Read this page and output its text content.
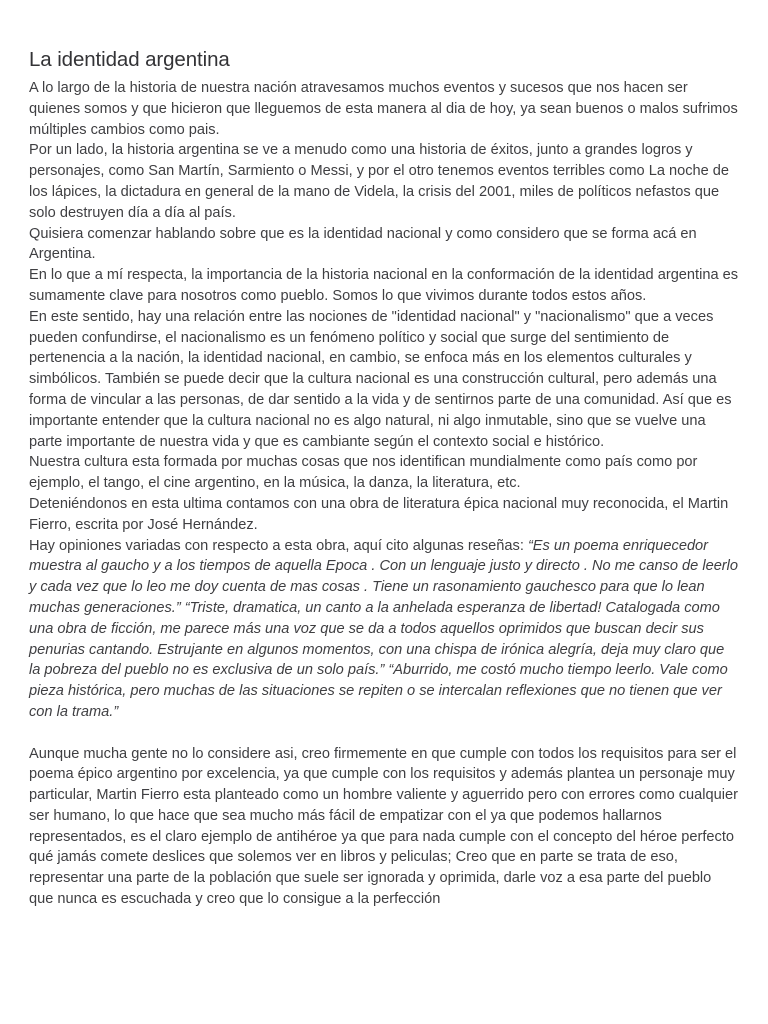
La identidad argentina

A lo largo de la historia de nuestra nación atravesamos muchos eventos y sucesos que nos hacen ser quienes somos y que hicieron que lleguemos de esta manera al dia de hoy, ya sean buenos o malos sufrimos múltiples cambios como pais.

Por un lado, la historia argentina se ve a menudo como una historia de éxitos, junto a grandes logros y personajes, como San Martín, Sarmiento o Messi, y por el otro tenemos eventos terribles como La noche de los lápices, la dictadura en general de la mano de Videla, la crisis del 2001, miles de políticos nefastos que solo destruyen día a día al país.

Quisiera comenzar hablando sobre que es la identidad nacional y como considero que se forma acá en Argentina.

En lo que a mí respecta, la importancia de la historia nacional en la conformación de la identidad argentina es sumamente clave para nosotros como pueblo. Somos lo que vivimos durante todos estos años.

En este sentido, hay una relación entre las nociones de "identidad nacional" y "nacionalismo" que a veces pueden confundirse, el nacionalismo es un fenómeno político y social que surge del sentimiento de pertenencia a la nación, la identidad nacional, en cambio, se enfoca más en los elementos culturales y simbólicos. También se puede decir que la cultura nacional es una construcción cultural, pero además una forma de vincular a las personas, de dar sentido a la vida y de sentirnos parte de una comunidad. Así que es importante entender que la cultura nacional no es algo natural, ni algo inmutable, sino que se vuelve una parte importante de nuestra vida y que es cambiante según el contexto social e histórico.

Nuestra cultura esta formada por muchas cosas que nos identifican mundialmente como país como por ejemplo, el tango, el cine argentino, en la música, la danza, la literatura, etc.

Deteniéndonos en esta ultima contamos con una obra de literatura épica nacional muy reconocida, el Martin Fierro, escrita por José Hernández.

Hay opiniones variadas con respecto a esta obra, aquí cito algunas reseñas: “Es un poema enriquecedor muestra al gaucho y a los tiempos de aquella Epoca . Con un lenguaje justo y directo . No me canso de leerlo y cada vez que lo leo me doy cuenta de mas cosas . Tiene un rasonamiento gauchesco para que lo lean muchas generaciones.” “Triste, dramatica, un canto a la anhelada esperanza de libertad! Catalogada como una obra de ficción, me parece más una voz que se da a todos aquellos oprimidos que buscan decir sus penurias cantando. Estrujante en algunos momentos, con una chispa de irónica alegría, deja muy claro que la pobreza del pueblo no es exclusiva de un solo país.” “Aburrido, me costó mucho tiempo leerlo. Vale como pieza histórica, pero muchas de las situaciones se repiten o se intercalan reflexiones que no tienen que ver con la trama.”

Aunque mucha gente no lo considere asi, creo firmemente en que cumple con todos los requisitos para ser el poema épico argentino por excelencia, ya que cumple con los requisitos y además plantea un personaje muy particular, Martin Fierro esta planteado como un hombre valiente y aguerrido pero con errores como cualquier ser humano, lo que hace que sea mucho más fácil de empatizar con el ya que podemos hallarnos representados, es el claro ejemplo de antihéroe ya que para nada cumple con el concepto del héroe perfecto qué jamás comete deslices que solemos ver en libros y peliculas; Creo que en parte se trata de eso, representar una parte de la población que suele ser ignorada y oprimida, darle voz a esa parte del pueblo que nunca es escuchada y creo que lo consigue a la perfección
